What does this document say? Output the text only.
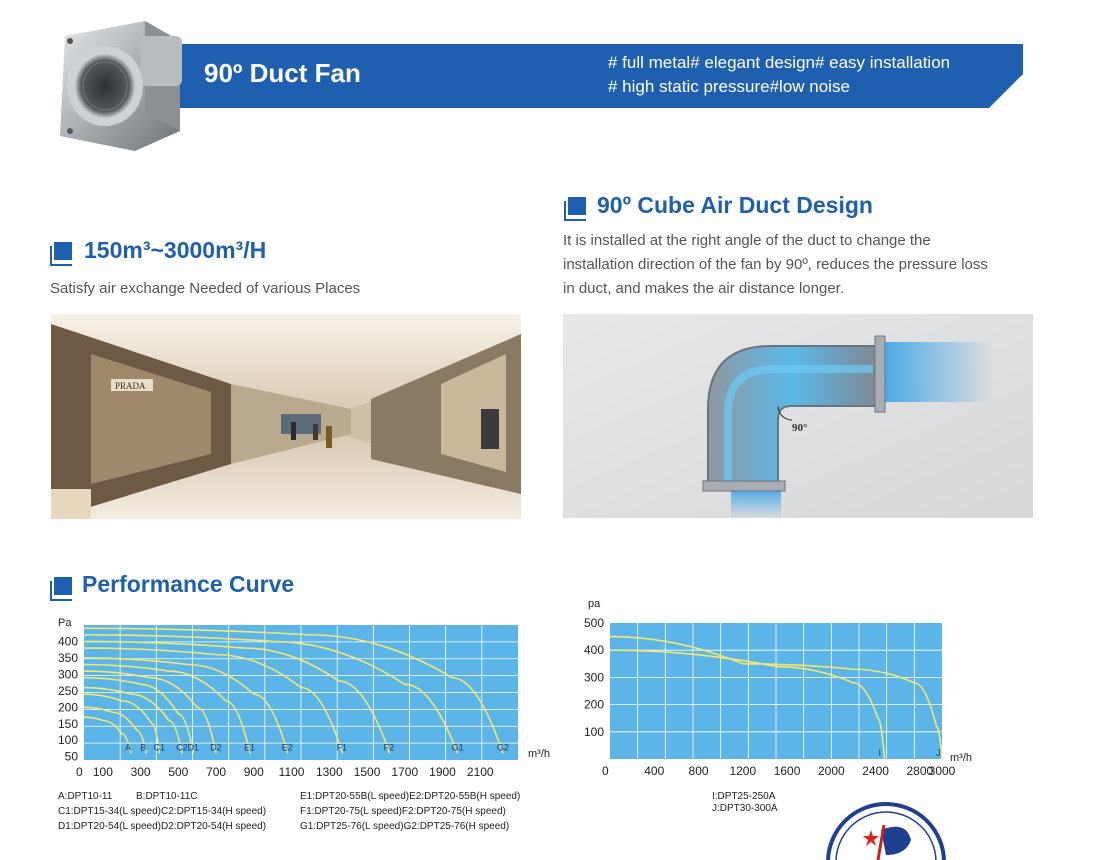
90º Duct Fan	# full metal# elegant design# easy installation
# high static pressure#low noise
150m³~3000m³/H
Satisfy air exchange Needed of various Places
PRADA
90º Cube Air Duct Design
It is installed at the right angle of the duct to change the
installation direction of the fan by 90º, reduces the pressure loss
in duct, and makes the air distance longer.
90°
Performance Curve
A B C1 C2 D1 D2 E1	E2	F1	F2	G1	G2
50
100
150
200
250
300
350
400
100 300 500 700 900 1100 1300 1500 1700 1900 2100
0
Pa
m³/h	I	J
100
200
300
400
500
400 800 1200 1600 2000 2400 2800
3000
0
pa
m³/h
A:DPT10-11 B:DPT10-11C
C1:DPT15-34(L speed)C2:DPT15-34(H speed)
D1:DPT20-54(L speed)D2:DPT20-54(H speed)
E1:DPT20-55B(L speed)E2:DPT20-55B(H speed)
F1:DPT20-75(L speed)F2:DPT20-75(H speed)
G1:DPT25-76(L speed)G2:DPT25-76(H speed)
I:DPT25-250A
J:DPT30-300A
